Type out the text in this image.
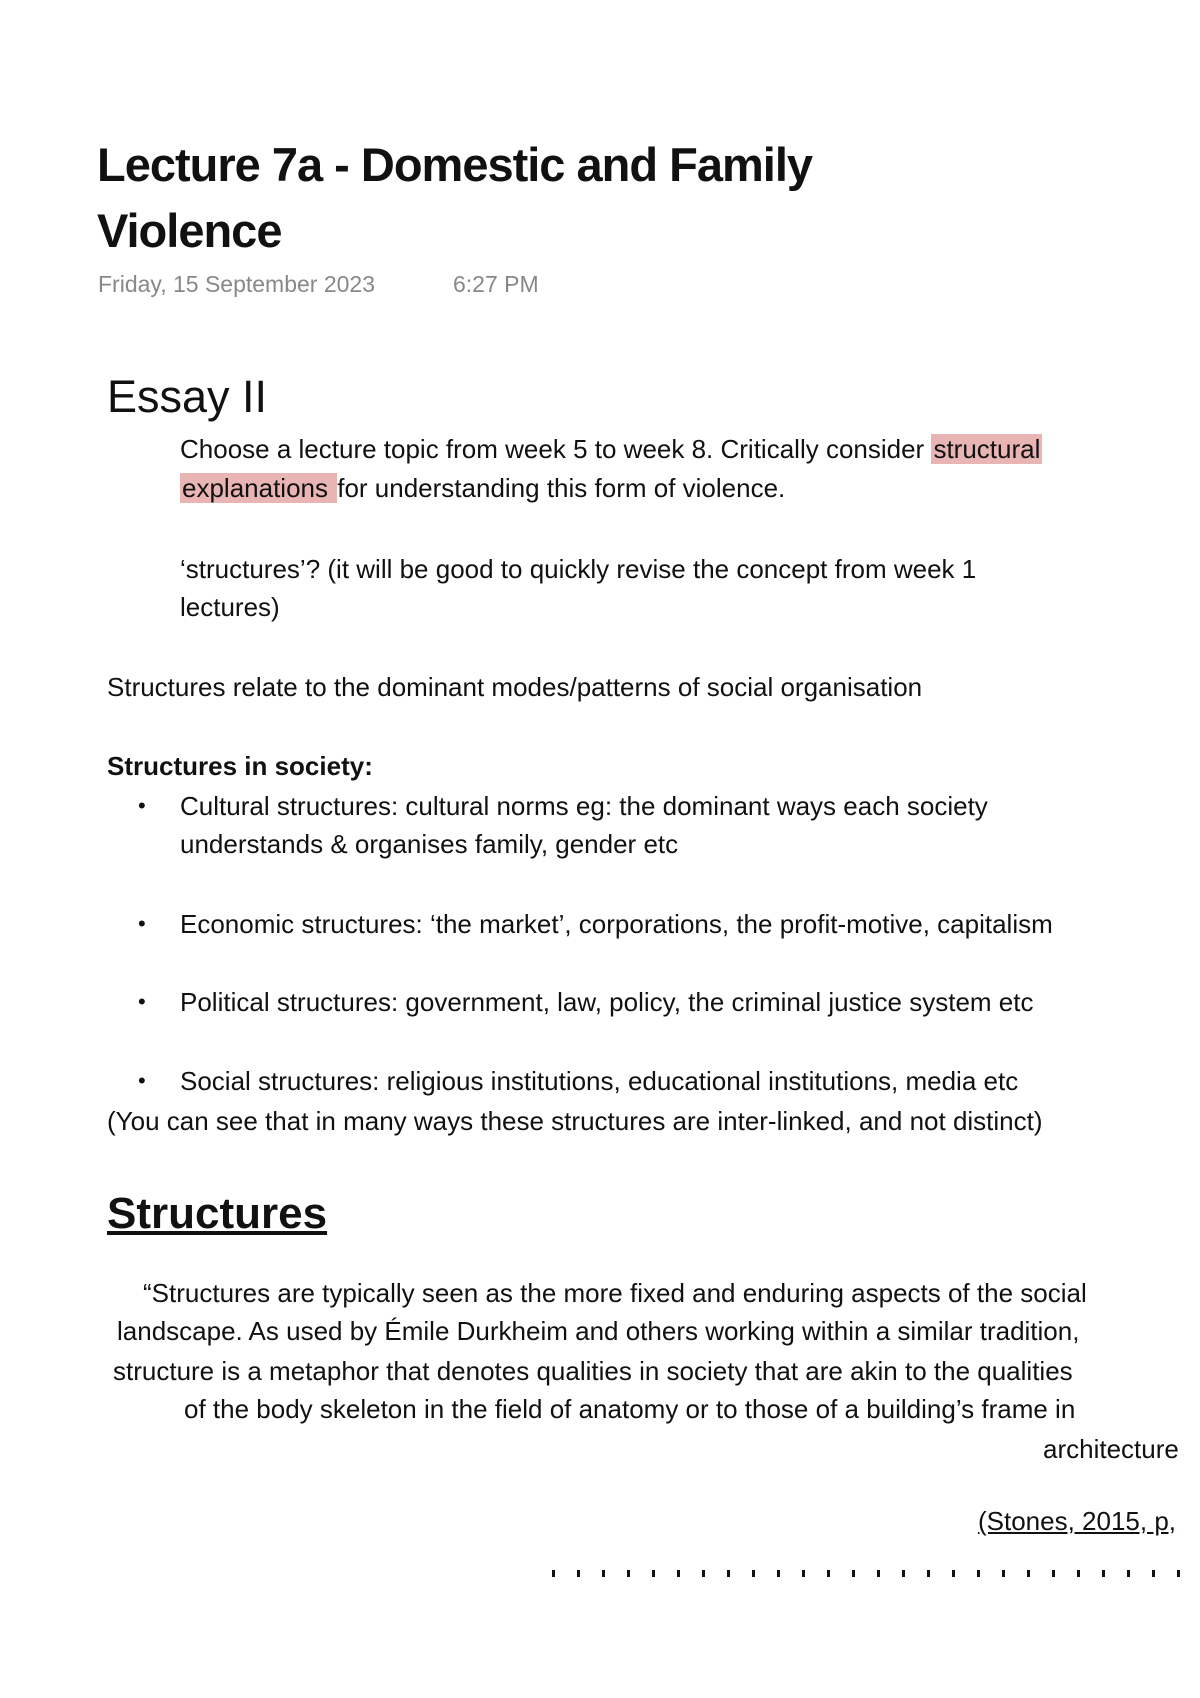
Lecture 7a - Domestic and Family
Violence
Friday, 15 September 2023	6:27 PM
Essay II
Choose a lecture topic from week 5 to week 8. Critically consider structural
explanations for understanding this form of violence.
‘structures’? (it will be good to quickly revise the concept from week 1
lectures)
Structures relate to the dominant modes/patterns of social organisation
Structures in society:
• Cultural structures: cultural norms eg: the dominant ways each society
understands & organises family, gender etc
• Economic structures: ‘the market’, corporations, the profit-motive, capitalism
• Political structures: government, law, policy, the criminal justice system etc
• Social structures: religious institutions, educational institutions, media etc
(You can see that in many ways these structures are inter-linked, and not distinct)
Structures
“Structures are typically seen as the more fixed and enduring aspects of the social
landscape. As used by Émile Durkheim and others working within a similar tradition,
structure is a metaphor that denotes qualities in society that are akin to the qualities
of the body skeleton in the field of anatomy or to those of a building’s frame in
architecture
(Stones, 2015, p,
